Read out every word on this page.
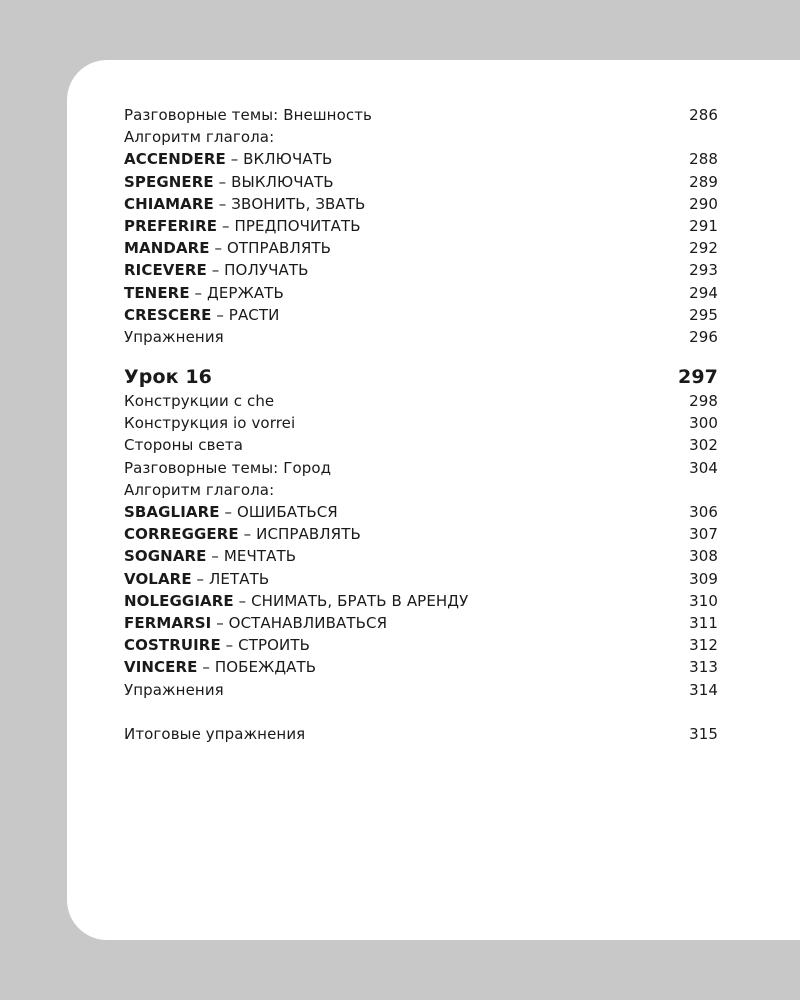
Разговорные темы: Внешность	286
Алгоритм глагола:
ACCENDERE – ВКЛЮЧАТЬ	288
SPEGNERE – ВЫКЛЮЧАТЬ	289
CHIAMARE – ЗВОНИТЬ, ЗВАТЬ	290
PREFERIRE – ПРЕДПОЧИТАТЬ	291
MANDARE – ОТПРАВЛЯТЬ	292
RICEVERE – ПОЛУЧАТЬ	293
TENERE – ДЕРЖАТЬ	294
CRESCERE – РАСТИ	295
Упражнения	296
Урок 16	297
Конструкции с che	298
Конструкция io vorrei	300
Стороны света	302
Разговорные темы: Город	304
Алгоритм глагола:
SBAGLIARE – ОШИБАТЬСЯ	306
CORREGGERE – ИСПРАВЛЯТЬ	307
SOGNARE – МЕЧТАТЬ	308
VOLARE – ЛЕТАТЬ	309
NOLEGGIARE – СНИМАТЬ, БРАТЬ В АРЕНДУ	310
FERMARSI – ОСТАНАВЛИВАТЬСЯ	311
COSTRUIRE – СТРОИТЬ	312
VINCERE – ПОБЕЖДАТЬ	313
Упражнения	314
Итоговые упражнения	315
